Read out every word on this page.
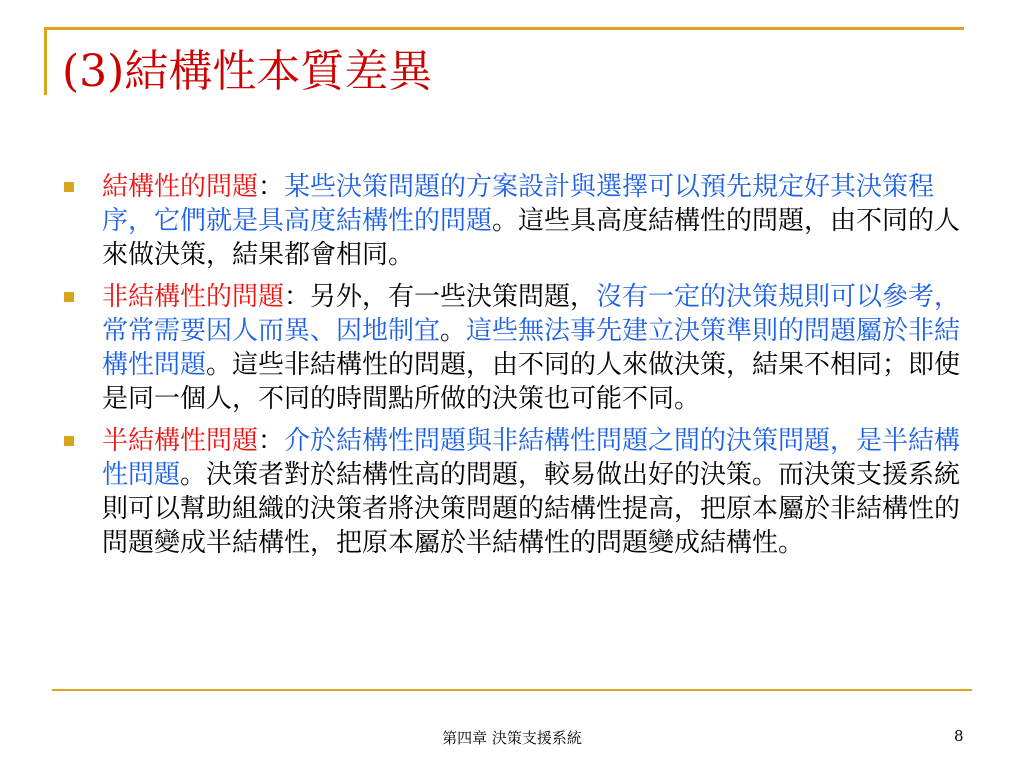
(3)結構性本質差異
結構性的問題：某些決策問題的方案設計與選擇可以預先規定好其決策程序，它們就是具高度結構性的問題。這些具高度結構性的問題，由不同的人來做決策，結果都會相同。
非結構性的問題：另外，有一些決策問題，沒有一定的決策規則可以參考，常常需要因人而異、因地制宜。這些無法事先建立決策準則的問題屬於非結構性問題。這些非結構性的問題，由不同的人來做決策，結果不相同；即使是同一個人，不同的時間點所做的決策也可能不同。
半結構性問題：介於結構性問題與非結構性問題之間的決策問題，是半結構性問題。決策者對於結構性高的問題，較易做出好的決策。而決策支援系統則可以幫助組織的決策者將決策問題的結構性提高，把原本屬於非結構性的問題變成半結構性，把原本屬於半結構性的問題變成結構性。
第四章 決策支援系統	8
